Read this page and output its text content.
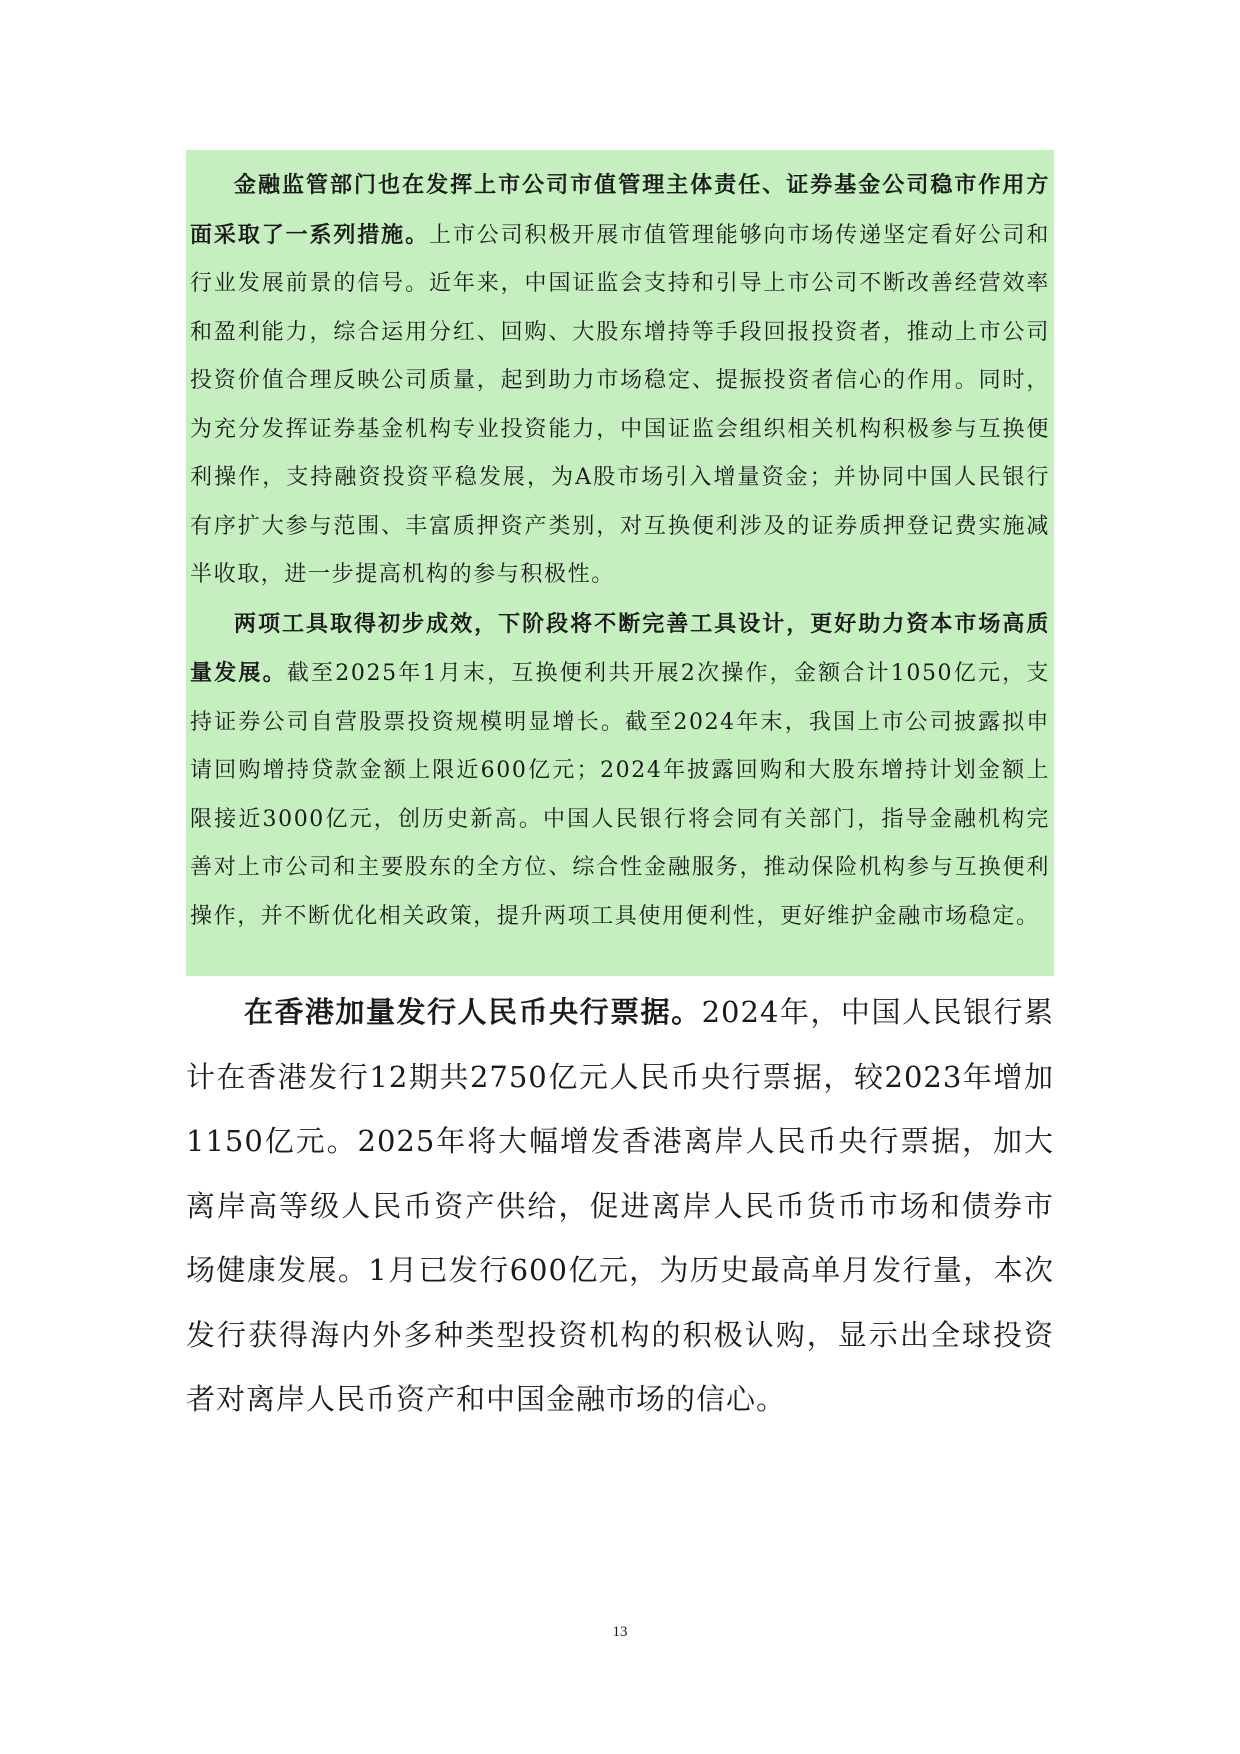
金融监管部门也在发挥上市公司市值管理主体责任、证券基金公司稳市作用方面采取了一系列措施。上市公司积极开展市值管理能够向市场传递坚定看好公司和行业发展前景的信号。近年来，中国证监会支持和引导上市公司不断改善经营效率和盈利能力，综合运用分红、回购、大股东增持等手段回报投资者，推动上市公司投资价值合理反映公司质量，起到助力市场稳定、提振投资者信心的作用。同时，为充分发挥证券基金机构专业投资能力，中国证监会组织相关机构积极参与互换便利操作，支持融资投资平稳发展，为A股市场引入增量资金；并协同中国人民银行有序扩大参与范围、丰富质押资产类别，对互换便利涉及的证券质押登记费实施减半收取，进一步提高机构的参与积极性。

两项工具取得初步成效，下阶段将不断完善工具设计，更好助力资本市场高质量发展。截至2025年1月末，互换便利共开展2次操作，金额合计1050亿元，支持证券公司自营股票投资规模明显增长。截至2024年末，我国上市公司披露拟申请回购增持贷款金额上限近600亿元；2024年披露回购和大股东增持计划金额上限接近3000亿元，创历史新高。中国人民银行将会同有关部门，指导金融机构完善对上市公司和主要股东的全方位、综合性金融服务，推动保险机构参与互换便利操作，并不断优化相关政策，提升两项工具使用便利性，更好维护金融市场稳定。

在香港加量发行人民币央行票据。2024年，中国人民银行累计在香港发行12期共2750亿元人民币央行票据，较2023年增加1150亿元。2025年将大幅增发香港离岸人民币央行票据，加大离岸高等级人民币资产供给，促进离岸人民币货币市场和债券市场健康发展。1月已发行600亿元，为历史最高单月发行量，本次发行获得海内外多种类型投资机构的积极认购，显示出全球投资者对离岸人民币资产和中国金融市场的信心。

13
